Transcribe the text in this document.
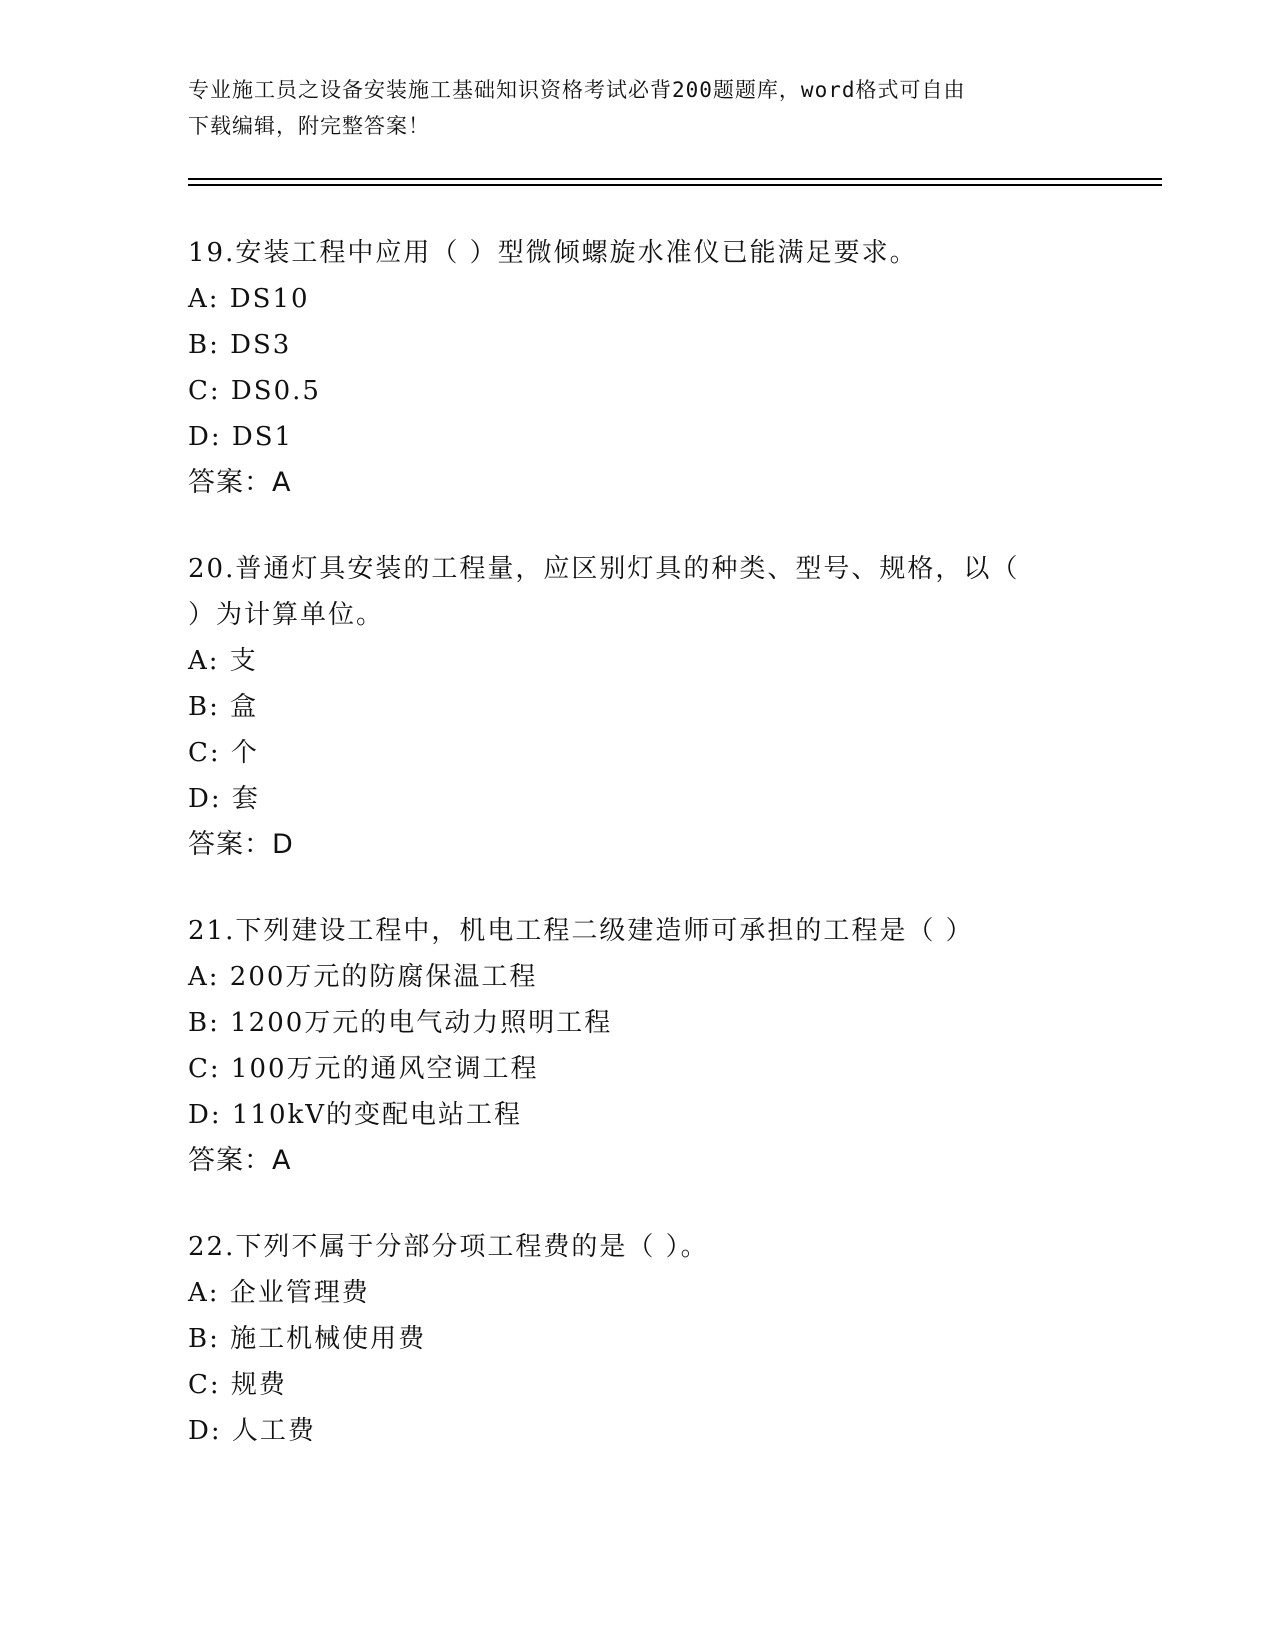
专业施工员之设备安装施工基础知识资格考试必背200题题库，word格式可自由
下载编辑，附完整答案！
19.安装工程中应用（ ）型微倾螺旋水准仪已能满足要求。
A: DS10
B: DS3
C: DS0.5
D: DS1
答案：A
20.普通灯具安装的工程量，应区别灯具的种类、型号、规格，以（
）为计算单位。
A: 支
B: 盒
C: 个
D: 套
答案：D
21.下列建设工程中，机电工程二级建造师可承担的工程是（ ）
A: 200万元的防腐保温工程
B: 1200万元的电气动力照明工程
C: 100万元的通风空调工程
D: 110kV的变配电站工程
答案：A
22.下列不属于分部分项工程费的是（ ）。
A: 企业管理费
B: 施工机械使用费
C: 规费
D: 人工费
